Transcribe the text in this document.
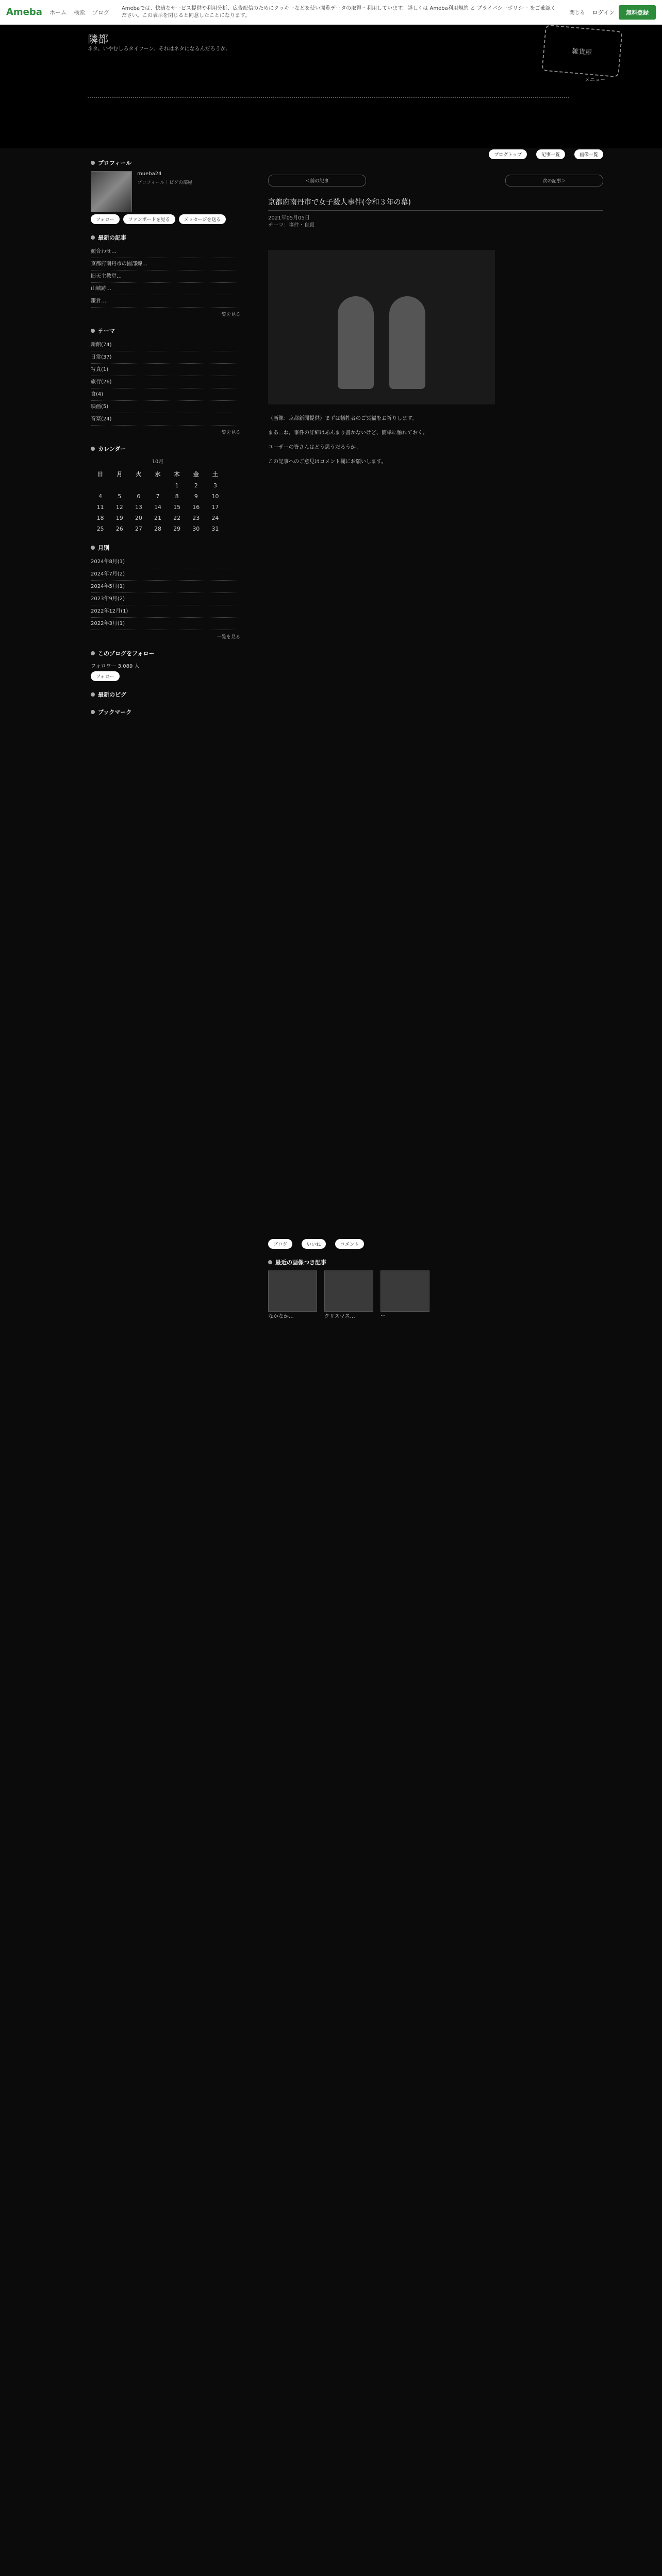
Ameba ホーム 検索 ブログ
Amebaでは、快適なサービス提供や利用分析、広告配信のためにクッキーなどを使い閲覧データの取得・利用しています。詳しくは Ameba利用規約 と プライバシーポリシー をご確認ください。この表示を閉じると同意したことになります。	閉じる ログイン	無料登録
隣都
ネタ。いやむしろタイフーン。それはネタになるんだろうか。	雑貨屋
メニュー
プロフィール
mueba24
プロフィール｜ピグの部屋
フォロー	ファンボードを見る	メッセージを送る
最新の記事
顔合わせ…
京都府南丹市の園部線…
旧天主教堂…
山城跡…
鎌倉…
一覧を見る
テーマ
新館(74)
日常(37)
写真(1)
旅行(26)
食(4)
映画(5)
音楽(24)
一覧を見る
カレンダー
10月
日	月	火	水	木	金	土
				1	2	3
4	5	6	7	8	9	10
11	12	13	14	15	16	17
18	19	20	21	22	23	24
25	26	27	28	29	30	31
月別
2024年8月(1)
2024年7月(2)
2024年5月(1)
2023年9月(2)
2022年12月(1)
2022年3月(1)
一覧を見る
このブログをフォロー
フォロワー 3,089 人
フォロー
最新のピグ
ブックマーク
ブログトップ	記事一覧	画像一覧
＜前の記事	次の記事＞
京都府南丹市で女子殺人事件(令和３年の幕)
2021年05月05日
テーマ：事件・自殺

（画像：京都新聞提供）まずは犠牲者のご冥福をお祈りします。

まあ…ね。事件の詳細はあんまり書かないけど、簡単に触れておく。

ユーザーの皆さんはどう思うだろうか。

この記事へのご意見はコメント欄にお願いします。

ブログ	いいね	コメント
最近の画像つき記事
なかなか…	クリスマス…	…
